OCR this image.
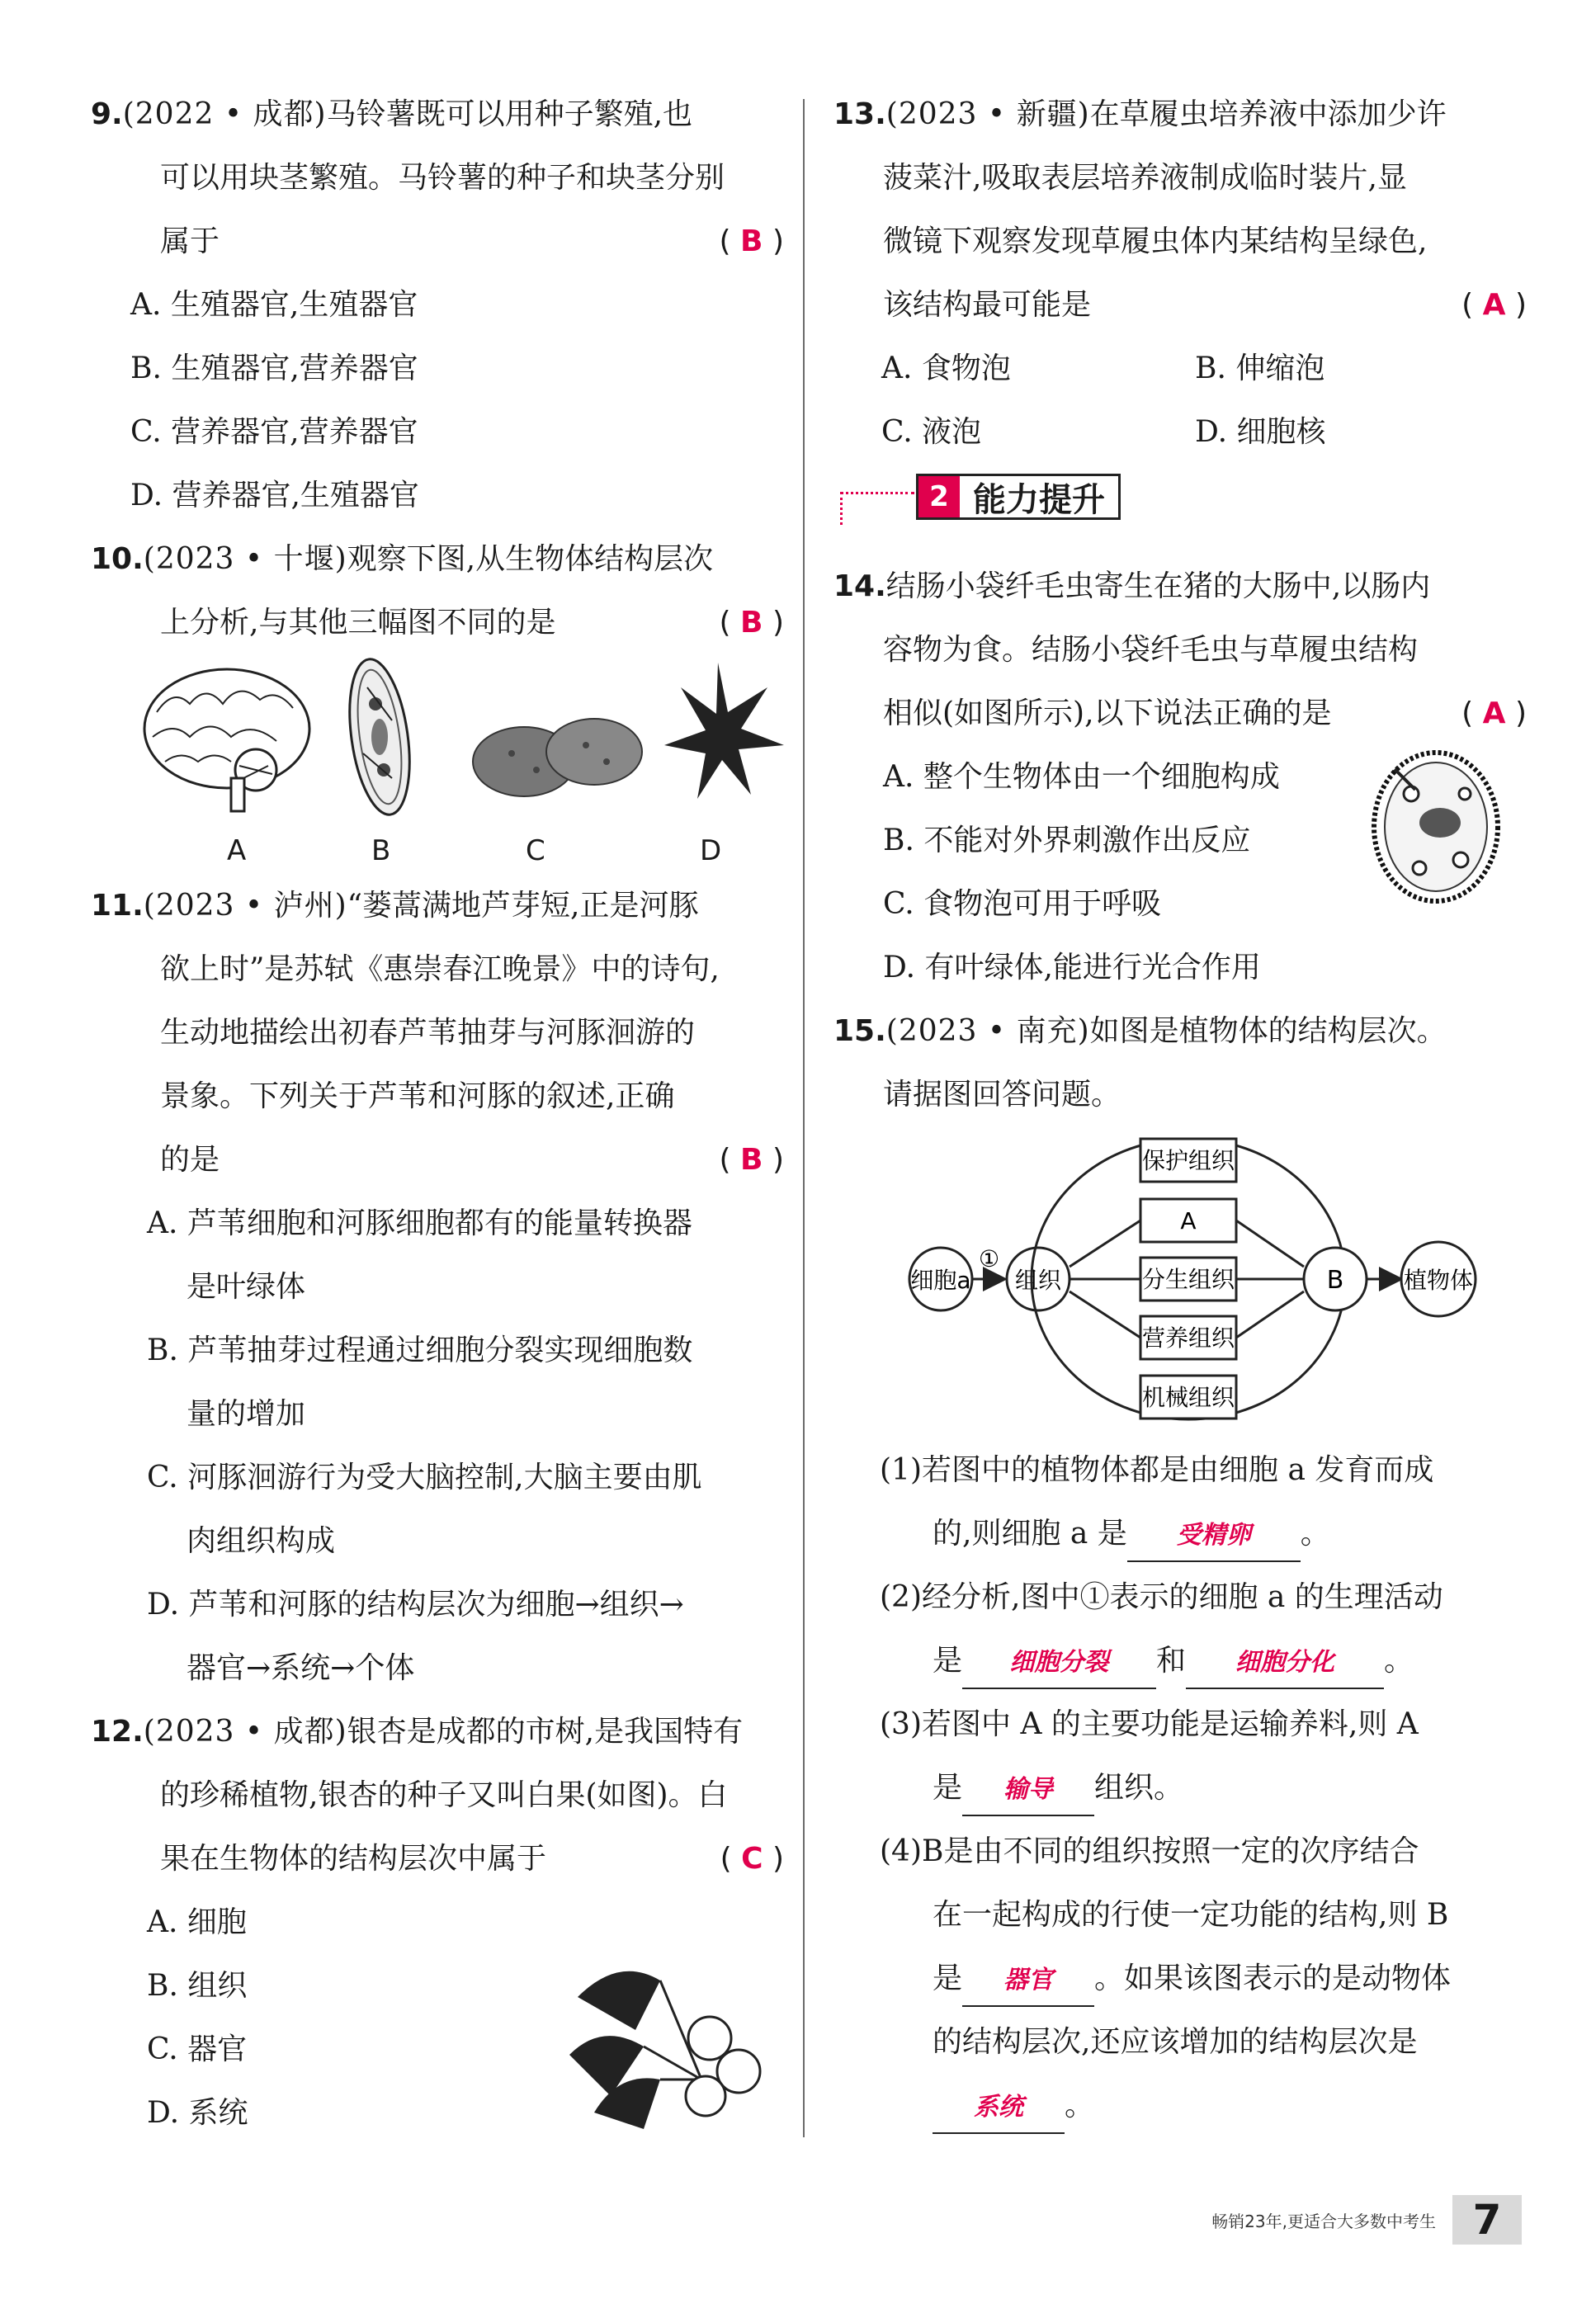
9.(2022 • 成都)马铃薯既可以用种子繁殖,也
可以用块茎繁殖。马铃薯的种子和块茎分别
属于	( B )
A. 生殖器官,生殖器官
B. 生殖器官,营养器官
C. 营养器官,营养器官
D. 营养器官,生殖器官
10.(2023 • 十堰)观察下图,从生物体结构层次
上分析,与其他三幅图不同的是	( B )
A	B	C	D
11.(2023 • 泸州)“蒌蒿满地芦芽短,正是河豚
欲上时”是苏轼《惠崇春江晚景》中的诗句,
生动地描绘出初春芦苇抽芽与河豚洄游的
景象。下列关于芦苇和河豚的叙述,正确
的是	( B )
A. 芦苇细胞和河豚细胞都有的能量转换器
是叶绿体
B. 芦苇抽芽过程通过细胞分裂实现细胞数
量的增加
C. 河豚洄游行为受大脑控制,大脑主要由肌
肉组织构成
D. 芦苇和河豚的结构层次为细胞→组织→
器官→系统→个体
12.(2023 • 成都)银杏是成都的市树,是我国特有
的珍稀植物,银杏的种子又叫白果(如图)。白
果在生物体的结构层次中属于	( C )
A. 细胞
B. 组织
C. 器官
D. 系统
13.(2023 • 新疆)在草履虫培养液中添加少许
菠菜汁,吸取表层培养液制成临时装片,显
微镜下观察发现草履虫体内某结构呈绿色,
该结构最可能是	( A )
A. 食物泡	B. 伸缩泡
C. 液泡	D. 细胞核
2 能力提升
14.结肠小袋纤毛虫寄生在猪的大肠中,以肠内
容物为食。结肠小袋纤毛虫与草履虫结构
相似(如图所示),以下说法正确的是	( A )
A. 整个生物体由一个细胞构成
B. 不能对外界刺激作出反应
C. 食物泡可用于呼吸
D. 有叶绿体,能进行光合作用
15.(2023 • 南充)如图是植物体的结构层次。
请据图回答问题。
细胞a
①
组织
保护组织
A
分生组织
营养组织
机械组织
B	植物体
(1)若图中的植物体都是由细胞 a 发育而成
的,则细胞 a 是 受精卵 。
(2)经分析,图中①表示的细胞 a 的生理活动
是 细胞分裂 和 细胞分化 。
(3)若图中 A 的主要功能是运输养料,则 A
是 输导 组织。
(4)B是由不同的组织按照一定的次序结合
在一起构成的行使一定功能的结构,则 B
是 器官 。如果该图表示的是动物体
的结构层次,还应该增加的结构层次是
系统 。
畅销23年,更适合大多数中考生 7
